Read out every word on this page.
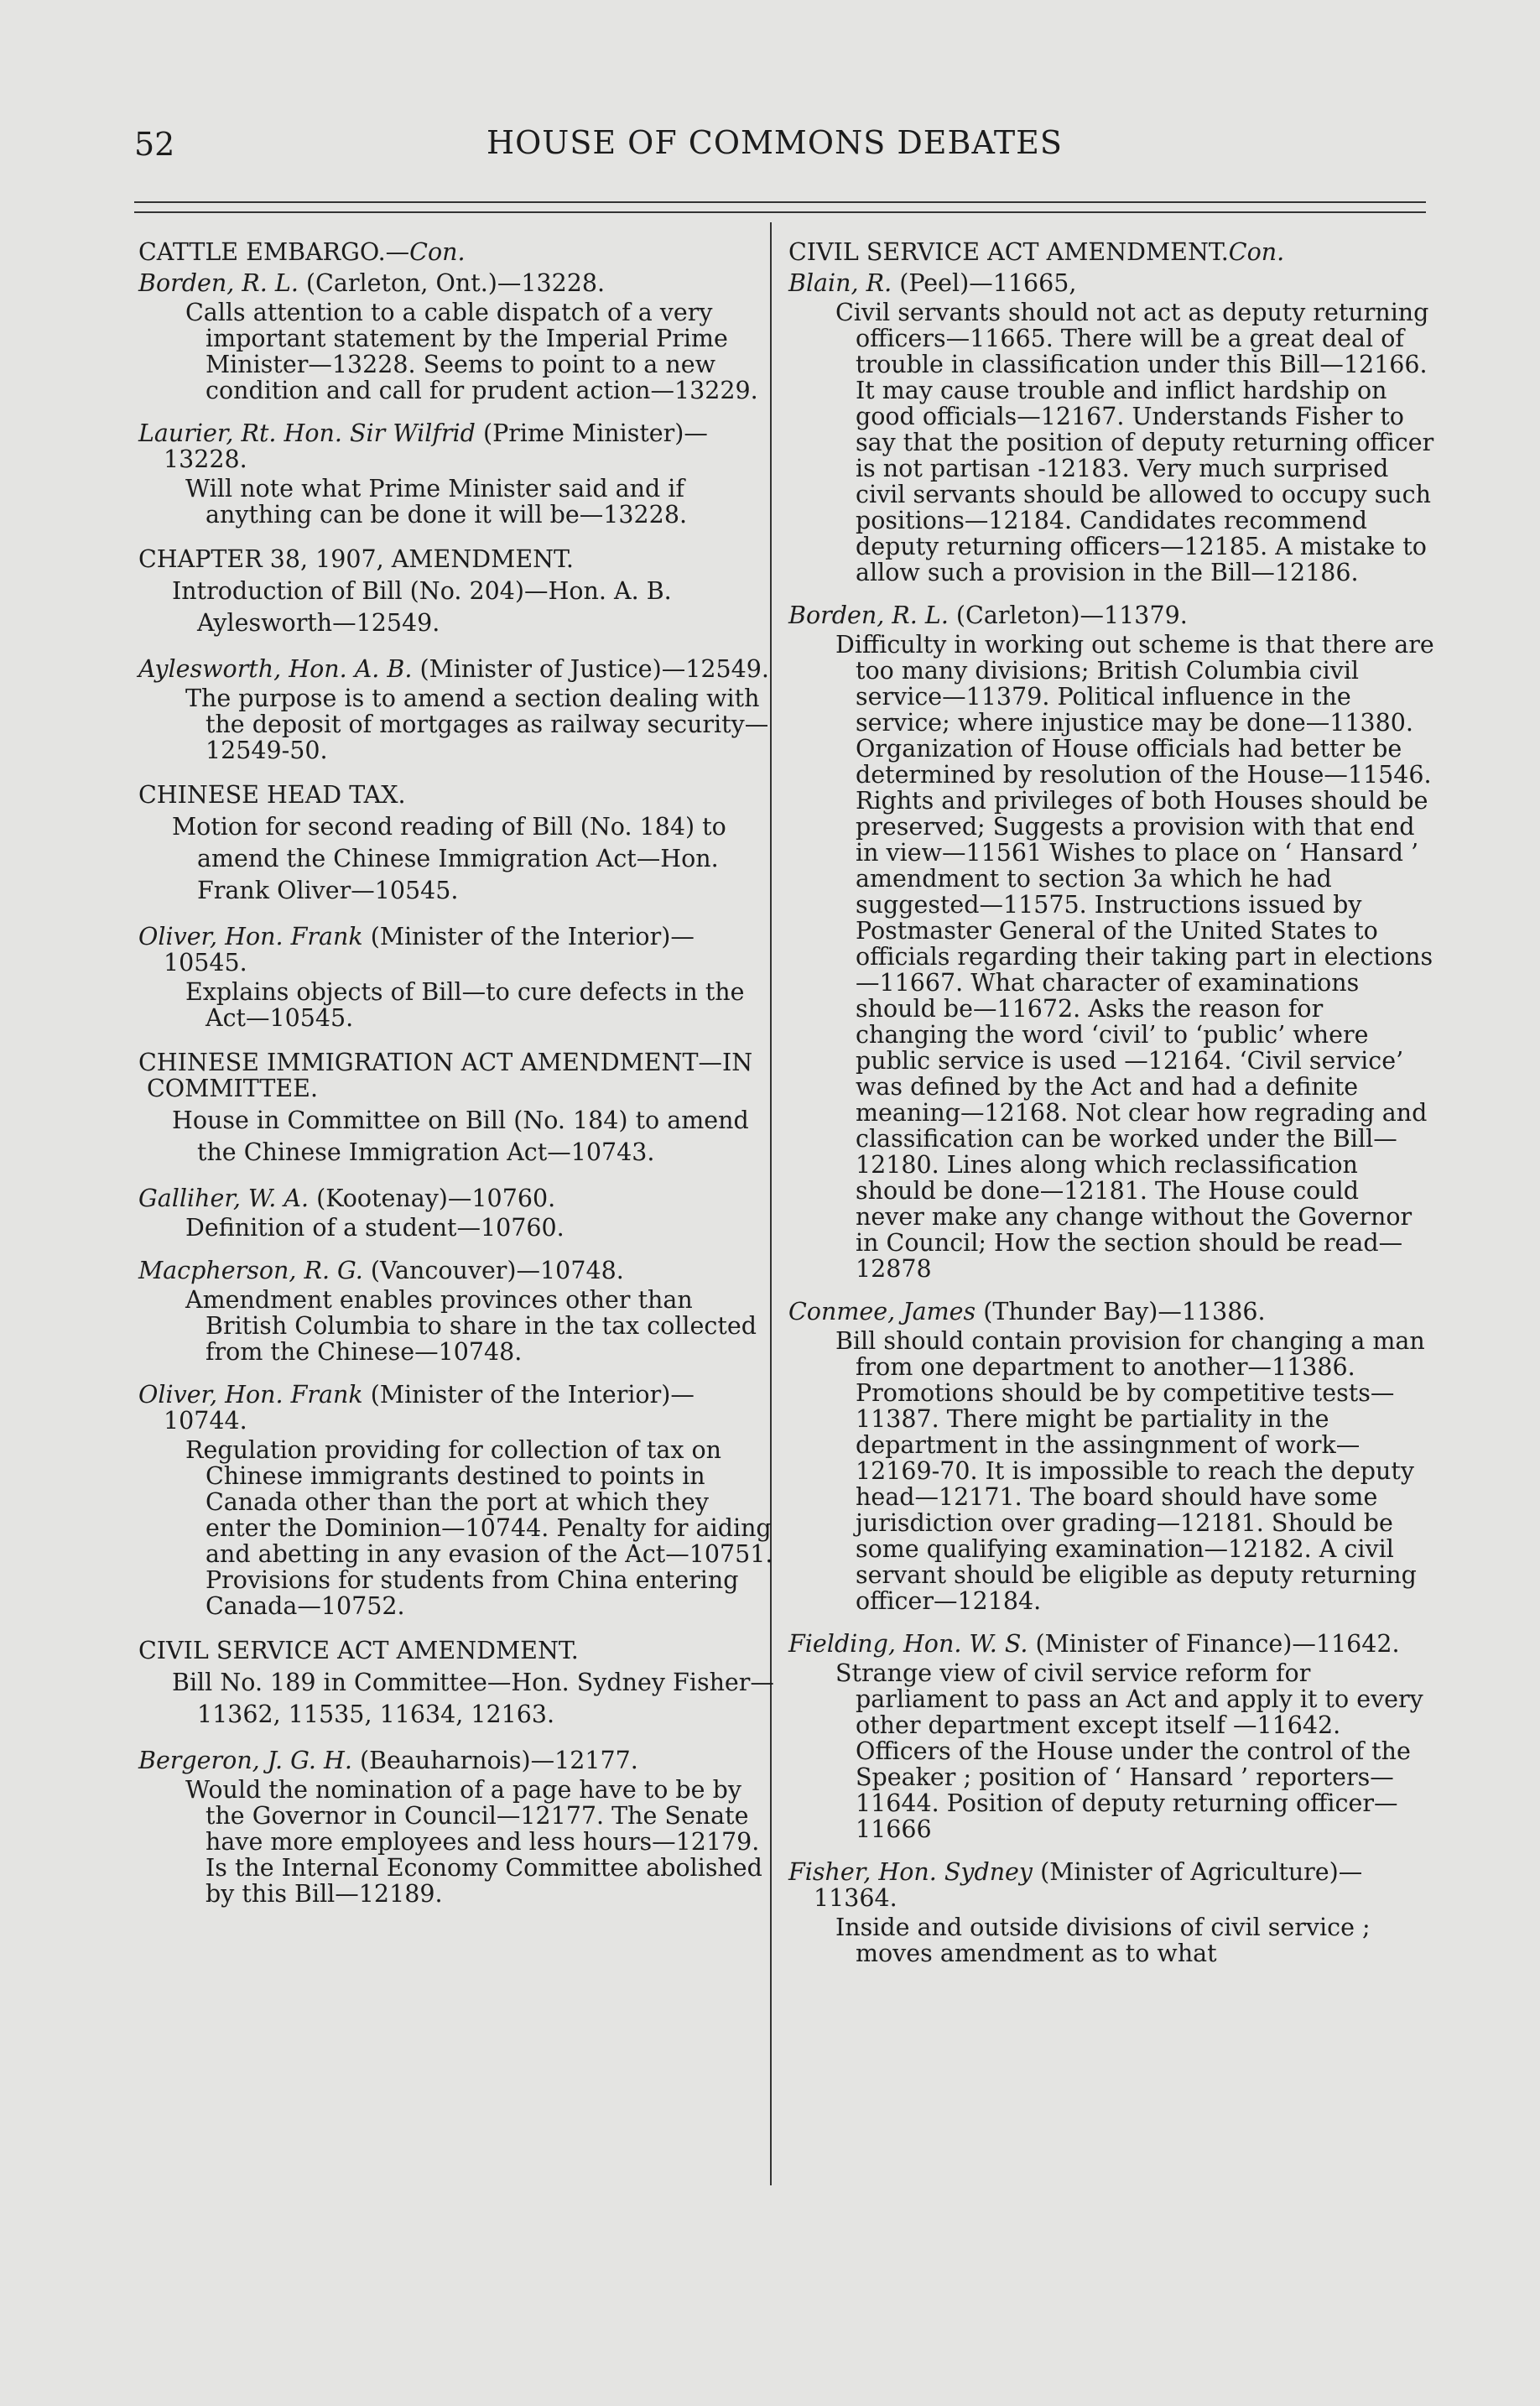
52	HOUSE OF COMMONS DEBATES

CATTLE EMBARGO.—Con.

Borden, R. L. (Carleton, Ont.)—13228.

Calls attention to a cable dispatch of a very important statement by the Imperial Prime Minister—13228. Seems to point to a new condition and call for prudent action—13229.

Laurier, Rt. Hon. Sir Wilfrid (Prime Minister)—13228.

Will note what Prime Minister said and if anything can be done it will be—13228.

CHAPTER 38, 1907, AMENDMENT.

Introduction of Bill (No. 204)—Hon. A. B. Aylesworth—12549.

Aylesworth, Hon. A. B. (Minister of Justice)—12549.

The purpose is to amend a section dealing with the deposit of mortgages as railway security— 12549-50.

CHINESE HEAD TAX.

Motion for second reading of Bill (No. 184) to amend the Chinese Immigration Act—Hon. Frank Oliver—10545.

Oliver, Hon. Frank (Minister of the Interior)—10545.

Explains objects of Bill—to cure defects in the Act—10545.

CHINESE IMMIGRATION ACT AMENDMENT—IN COMMITTEE.

House in Committee on Bill (No. 184) to amend the Chinese Immigration Act—10743.

Galliher, W. A. (Kootenay)—10760.

Definition of a student—10760.

Macpherson, R. G. (Vancouver)—10748.

Amendment enables provinces other than British Columbia to share in the tax collected from the Chinese—10748.

Oliver, Hon. Frank (Minister of the Interior)—10744.

Regulation providing for collection of tax on Chinese immigrants destined to points in Canada other than the port at which they enter the Dominion—10744. Penalty for aiding and abetting in any evasion of the Act—10751. Provisions for students from China entering Canada—10752.

CIVIL SERVICE ACT AMENDMENT.

Bill No. 189 in Committee—Hon. Sydney Fisher—11362, 11535, 11634, 12163.

Bergeron, J. G. H. (Beauharnois)—12177.

Would the nomination of a page have to be by the Governor in Council—12177. The Senate have more employees and less hours—12179. Is the Internal Economy Committee abolished by this Bill—12189.

CIVIL SERVICE ACT AMENDMENT.Con.

Blain, R. (Peel)—11665,

Civil servants should not act as deputy returning officers—11665. There will be a great deal of trouble in classification under this Bill—12166. It may cause trouble and inflict hardship on good officials—12167. Understands Fisher to say that the position of deputy returning officer is not partisan -12183. Very much surprised civil servants should be allowed to occupy such positions—12184. Candidates recommend deputy returning officers—12185. A mistake to allow such a provision in the Bill—12186.

Borden, R. L. (Carleton)—11379.

Difficulty in working out scheme is that there are too many divisions; British Columbia civil service—11379. Political influence in the service; where injustice may be done—11380. Organization of House officials had better be determined by resolution of the House—11546. Rights and privileges of both Houses should be preserved; Suggests a provision with that end in view—11561 Wishes to place on ‘ Hansard ’ amendment to section 3a which he had suggested—11575. Instructions issued by Postmaster General of the United States to officials regarding their taking part in elections—11667. What character of examinations should be—11672. Asks the reason for changing the word ‘civil’ to ‘public’ where public service is used —12164. ‘Civil service’ was defined by the Act and had a definite meaning—12168. Not clear how regrading and classification can be worked under the Bill—12180. Lines along which reclassification should be done—12181. The House could never make any change without the Governor in Council; How the section should be read—12878

Conmee, James (Thunder Bay)—11386.

Bill should contain provision for changing a man from one department to another—11386. Promotions should be by competitive tests—11387. There might be partiality in the department in the assingnment of work—12169-70. It is impossible to reach the deputy head—12171. The board should have some jurisdiction over grading—12181. Should be some qualifying examination—12182. A civil servant should be eligible as deputy returning officer—12184.

Fielding, Hon. W. S. (Minister of Finance)—11642.

Strange view of civil service reform for parliament to pass an Act and apply it to every other department except itself —11642. Officers of the House under the control of the Speaker ; position of ‘ Hansard ’ reporters—11644. Position of deputy returning officer—11666

Fisher, Hon. Sydney (Minister of Agriculture)—11364.

Inside and outside divisions of civil service ; moves amendment as to what
